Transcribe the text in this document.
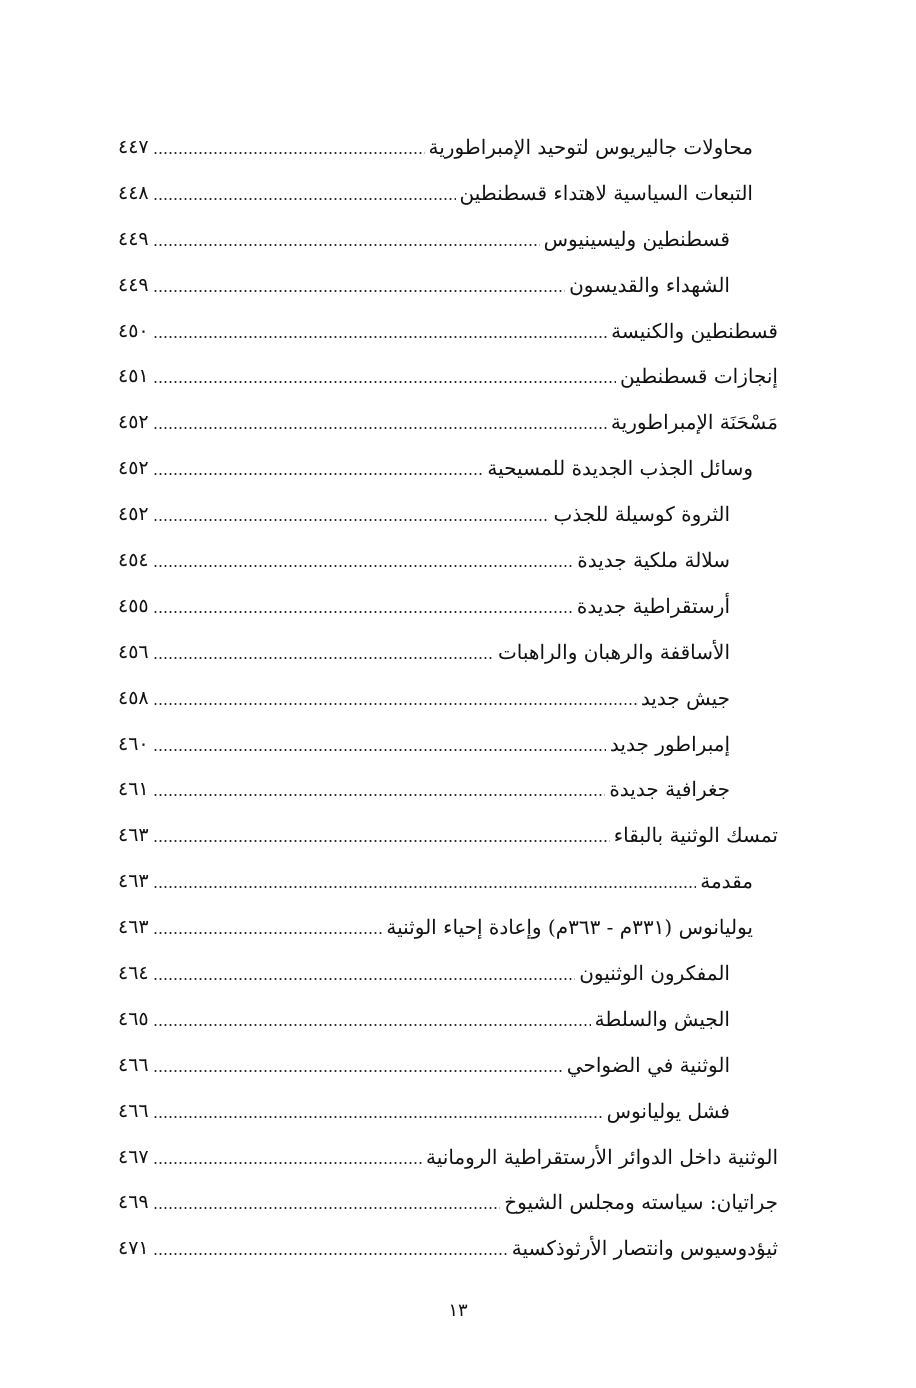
محاولات جاليريوس لتوحيد الإمبراطورية
٤٤٧
التبعات السياسية لاهتداء قسطنطين
٤٤٨
قسطنطين وليسينيوس
٤٤٩
الشهداء والقديسون
٤٤٩
قسطنطين والكنيسة
٤٥٠
إنجازات قسطنطين
٤٥١
مَسْحَنَة الإمبراطورية
٤٥٢
وسائل الجذب الجديدة للمسيحية
٤٥٢
الثروة كوسيلة للجذب
٤٥٢
سلالة ملكية جديدة
٤٥٤
أرستقراطية جديدة
٤٥٥
الأساقفة والرهبان والراهبات
٤٥٦
جيش جديد
٤٥٨
إمبراطور جديد
٤٦٠
جغرافية جديدة
٤٦١
تمسك الوثنية بالبقاء
٤٦٣
مقدمة
٤٦٣
يوليانوس (٣٣١م - ٣٦٣م) وإعادة إحياء الوثنية
٤٦٣
المفكرون الوثنيون
٤٦٤
الجيش والسلطة
٤٦٥
الوثنية في الضواحي
٤٦٦
فشل يوليانوس
٤٦٦
الوثنية داخل الدوائر الأرستقراطية الرومانية
٤٦٧
جراتيان: سياسته ومجلس الشيوخ
٤٦٩
ثيؤدوسيوس وانتصار الأرثوذكسية
٤٧١
١٣
